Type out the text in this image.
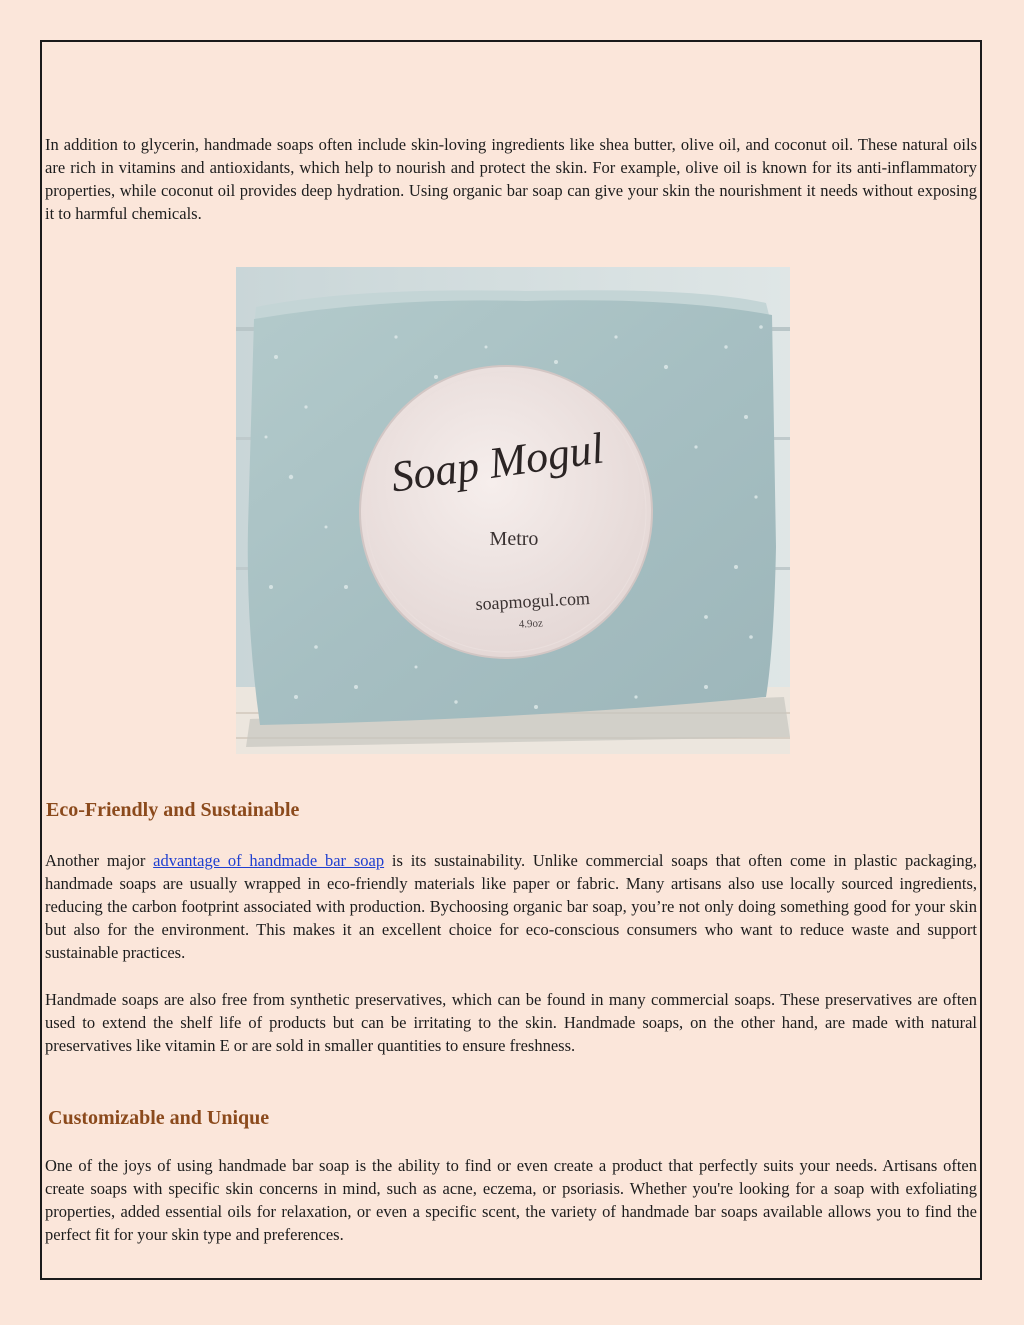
In addition to glycerin, handmade soaps often include skin-loving ingredients like shea butter, olive oil, and coconut oil. These natural oils are rich in vitamins and antioxidants, which help to nourish and protect the skin. For example, olive oil is known for its anti-inflammatory properties, while coconut oil provides deep hydration. Using organic bar soap can give your skin the nourishment it needs without exposing it to harmful chemicals.

Soap Mogul
Metro
soapmogul.com
4.9oz
Eco-Friendly and Sustainable

Another major advantage of handmade bar soap is its sustainability. Unlike commercial soaps that often come in plastic packaging, handmade soaps are usually wrapped in eco-friendly materials like paper or fabric. Many artisans also use locally sourced ingredients, reducing the carbon footprint associated with production. Bychoosing organic bar soap, you’re not only doing something good for your skin but also for the environment. This makes it an excellent choice for eco-conscious consumers who want to reduce waste and support sustainable practices.

Handmade soaps are also free from synthetic preservatives, which can be found in many commercial soaps. These preservatives are often used to extend the shelf life of products but can be irritating to the skin. Handmade soaps, on the other hand, are made with natural preservatives like vitamin E or are sold in smaller quantities to ensure freshness.

Customizable and Unique

One of the joys of using handmade bar soap is the ability to find or even create a product that perfectly suits your needs. Artisans often create soaps with specific skin concerns in mind, such as acne, eczema, or psoriasis. Whether you're looking for a soap with exfoliating properties, added essential oils for relaxation, or even a specific scent, the variety of handmade bar soaps available allows you to find the perfect fit for your skin type and preferences.
